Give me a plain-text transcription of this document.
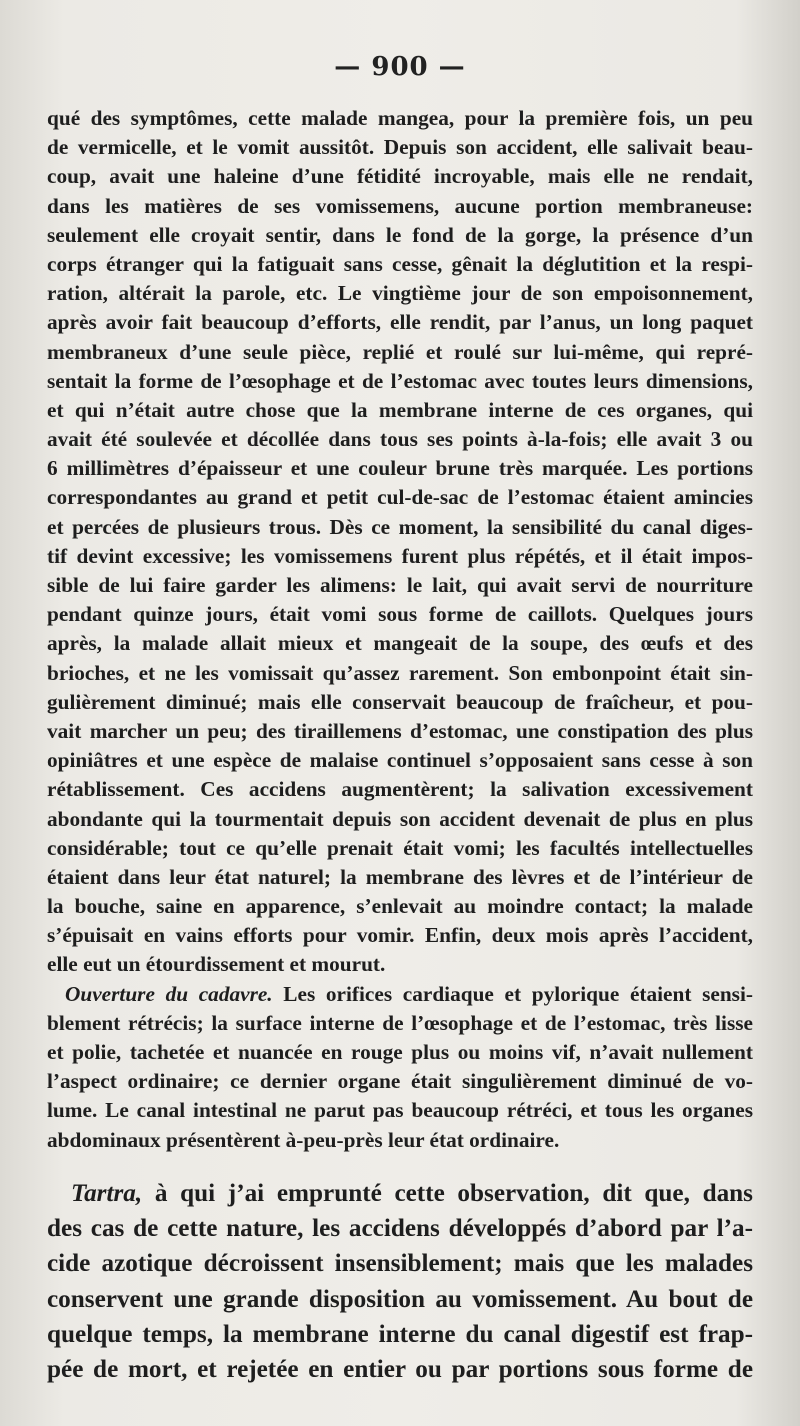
— 900 —
qué des symptômes, cette malade mangea, pour la première fois, un peu
de vermicelle, et le vomit aussitôt. Depuis son accident, elle salivait beau-
coup, avait une haleine d’une fétidité incroyable, mais elle ne rendait,
dans les matières de ses vomissemens, aucune portion membraneuse:
seulement elle croyait sentir, dans le fond de la gorge, la présence d’un
corps étranger qui la fatiguait sans cesse, gênait la déglutition et la respi-
ration, altérait la parole, etc. Le vingtième jour de son empoisonnement,
après avoir fait beaucoup d’efforts, elle rendit, par l’anus, un long paquet
membraneux d’une seule pièce, replié et roulé sur lui-même, qui repré-
sentait la forme de l’œsophage et de l’estomac avec toutes leurs dimensions,
et qui n’était autre chose que la membrane interne de ces organes, qui
avait été soulevée et décollée dans tous ses points à-la-fois; elle avait 3 ou
6 millimètres d’épaisseur et une couleur brune très marquée. Les portions
correspondantes au grand et petit cul-de-sac de l’estomac étaient amincies
et percées de plusieurs trous. Dès ce moment, la sensibilité du canal diges-
tif devint excessive; les vomissemens furent plus répétés, et il était impos-
sible de lui faire garder les alimens: le lait, qui avait servi de nourriture
pendant quinze jours, était vomi sous forme de caillots. Quelques jours
après, la malade allait mieux et mangeait de la soupe, des œufs et des
brioches, et ne les vomissait qu’assez rarement. Son embonpoint était sin-
gulièrement diminué; mais elle conservait beaucoup de fraîcheur, et pou-
vait marcher un peu; des tiraillemens d’estomac, une constipation des plus
opiniâtres et une espèce de malaise continuel s’opposaient sans cesse à son
rétablissement. Ces accidens augmentèrent; la salivation excessivement
abondante qui la tourmentait depuis son accident devenait de plus en plus
considérable; tout ce qu’elle prenait était vomi; les facultés intellectuelles
étaient dans leur état naturel; la membrane des lèvres et de l’intérieur de
la bouche, saine en apparence, s’enlevait au moindre contact; la malade
s’épuisait en vains efforts pour vomir. Enfin, deux mois après l’accident,
elle eut un étourdissement et mourut.
Ouverture du cadavre. Les orifices cardiaque et pylorique étaient sensi-
blement rétrécis; la surface interne de l’œsophage et de l’estomac, très lisse
et polie, tachetée et nuancée en rouge plus ou moins vif, n’avait nullement
l’aspect ordinaire; ce dernier organe était singulièrement diminué de vo-
lume. Le canal intestinal ne parut pas beaucoup rétréci, et tous les organes
abdominaux présentèrent à-peu-près leur état ordinaire.
Tartra, à qui j’ai emprunté cette observation, dit que, dans
des cas de cette nature, les accidens développés d’abord par l’a-
cide azotique décroissent insensiblement; mais que les malades
conservent une grande disposition au vomissement. Au bout de
quelque temps, la membrane interne du canal digestif est frap-
pée de mort, et rejetée en entier ou par portions sous forme de
